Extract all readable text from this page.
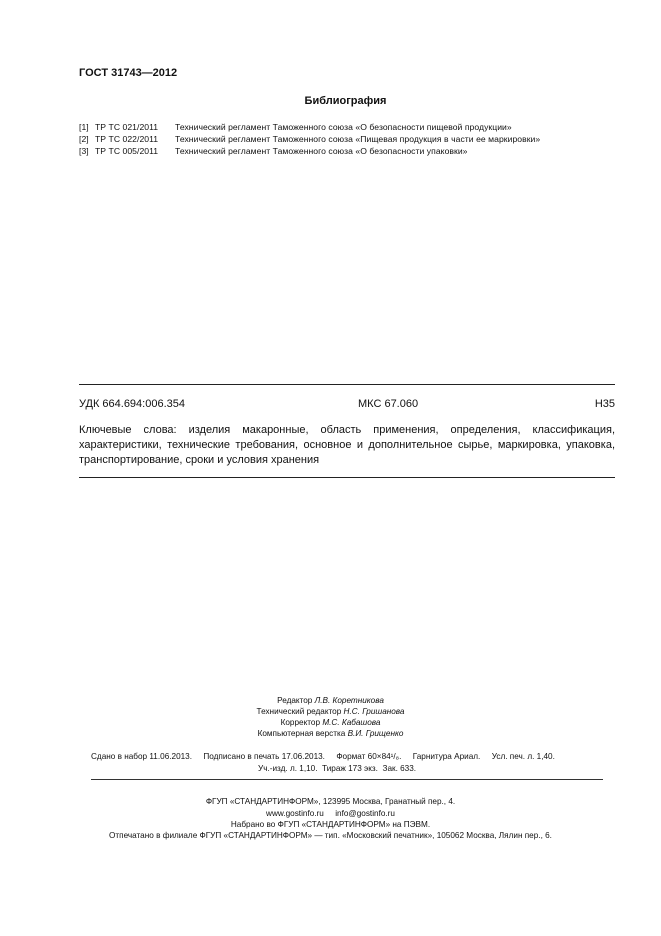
ГОСТ 31743—2012
Библиография
[1] ТР ТС 021/2011 Технический регламент Таможенного союза «О безопасности пищевой продукции»
[2] ТР ТС 022/2011 Технический регламент Таможенного союза «Пищевая продукция в части ее маркировки»
[3] ТР ТС 005/2011 Технический регламент Таможенного союза «О безопасности упаковки»
УДК 664.694:006.354	МКС 67.060	Н35
Ключевые слова: изделия макаронные, область применения, определения, классификация, характеристики, технические требования, основное и дополнительное сырье, маркировка, упаковка, транспортирование, сроки и условия хранения
Редактор Л.В. Коретникова
Технический редактор Н.С. Гришанова
Корректор М.С. Кабашова
Компьютерная верстка В.И. Грищенко
Сдано в набор 11.06.2013. Подписано в печать 17.06.2013. Формат 60×84¹/₈. Гарнитура Ариал. Усл. печ. л. 1,40.
Уч.-изд. л. 1,10. Тираж 173 экз. Зак. 633.
ФГУП «СТАНДАРТИНФОРМ», 123995 Москва, Гранатный пер., 4.
www.gostinfo.ru info@gostinfo.ru
Набрано во ФГУП «СТАНДАРТИНФОРМ» на ПЭВМ.
Отпечатано в филиале ФГУП «СТАНДАРТИНФОРМ» — тип. «Московский печатник», 105062 Москва, Лялин пер., 6.
